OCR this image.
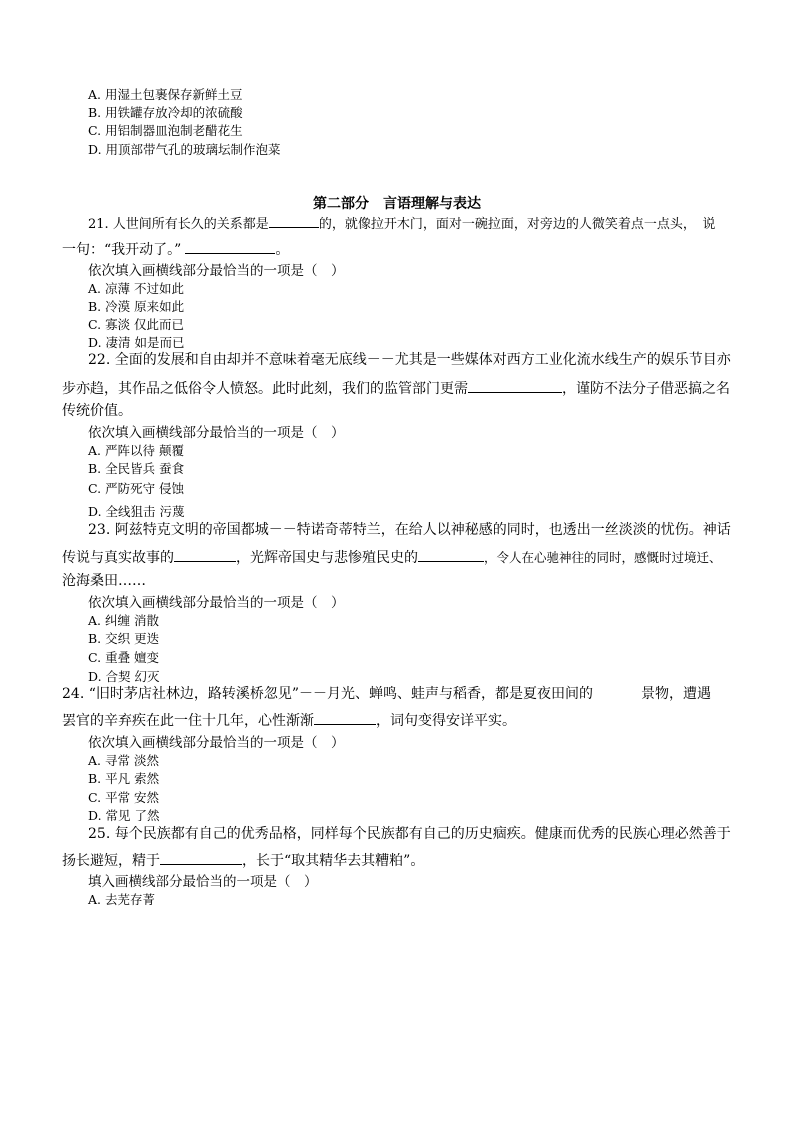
A. 用湿土包裹保存新鲜土豆
B. 用铁罐存放冷却的浓硫酸
C. 用铝制器皿泡制老醋花生
D. 用顶部带气孔的玻璃坛制作泡菜
第二部分　言语理解与表达
21. 人世间所有长久的关系都是	的，就像拉开木门，面对一碗拉面，对旁边的人微笑着点一点头，　说
一句：“我开动了。”	。
依次填入画横线部分最恰当的一项是（　）
A. 凉薄 不过如此
B. 冷漠 原来如此
C. 寡淡 仅此而已
D. 凄清 如是而已
22. 全面的发展和自由却并不意味着毫无底线－－尤其是一些媒体对西方工业化流水线生产的娱乐节目亦
步亦趋，其作品之低俗令人愤怒。此时此刻，我们的监管部门更需	，谨防不法分子借恶搞之名
传统价值。
依次填入画横线部分最恰当的一项是（　）
A. 严阵以待 颠覆
B. 全民皆兵 蚕食
C. 严防死守 侵蚀
D. 全线狙击 污蔑
23. 阿兹特克文明的帝国都城－－特诺奇蒂特兰，在给人以神秘感的同时，也透出一丝淡淡的忧伤。神话
传说与真实故事的	，光辉帝国史与悲惨殖民史的	，令人在心驰神往的同时，感慨时过境迁、
沧海桑田……
依次填入画横线部分最恰当的一项是（　）
A. 纠缠 消散
B. 交织 更迭
C. 重叠 嬗变
D. 合契 幻灭
24. “旧时茅店社林边，路转溪桥忽见”－－月光、蝉鸣、蛙声与稻香，都是夏夜田间的	景物，遭遇
罢官的辛弃疾在此一住十几年，心性渐渐	，词句变得安详平实。
依次填入画横线部分最恰当的一项是（　）
A. 寻常 淡然
B. 平凡 索然
C. 平常 安然
D. 常见 了然
25. 每个民族都有自己的优秀品格，同样每个民族都有自己的历史痼疾。健康而优秀的民族心理必然善于
扬长避短，精于	，长于“取其精华去其糟粕”。
填入画横线部分最恰当的一项是（　）
A. 去芜存菁
